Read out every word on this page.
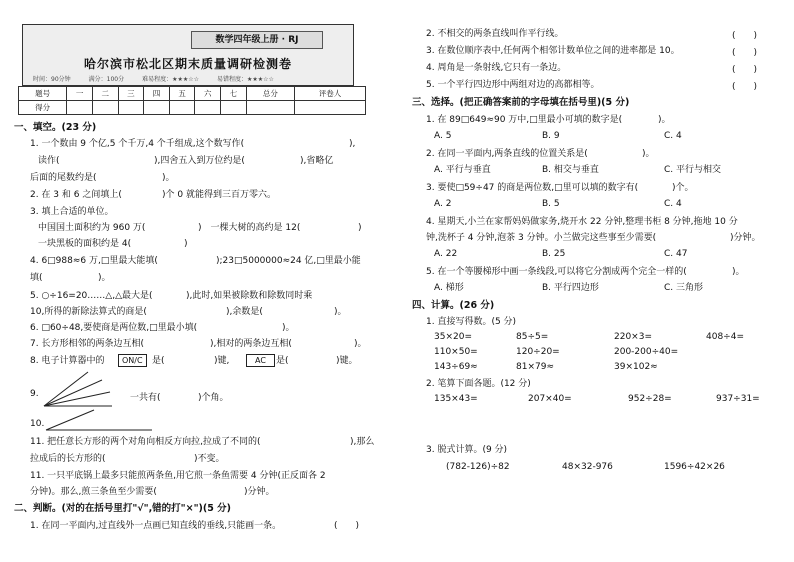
数学四年级上册 · RJ
哈尔滨市松北区期末质量调研检测卷
时间：90分钟　　　满分：100分　　　难易程度：★★★☆☆　　　易错程度：★★★☆☆
题号	一	二	三	四	五	六	七	总分	评卷人
得分									
一、填空。(23 分)
1. 一个数由 9 个亿,5 个千万,4 个千组成,这个数写作(	),
读作(	),四舍五入到万位约是(	),省略亿
后面的尾数约是(	)。
2. 在 3 和 6 之间填上(	)个 0 就能得到三百万零六。
3. 填上合适的单位。
中国国土面积约为 960 万(	)　一棵大树的高约是 12(	)
一块黑板的面积约是 4(	)
4. 6□988≈6 万,□里最大能填(	);23□5000000≈24 亿,□里最小能
填(	)。
5. ○÷16=20……△,△最大是(	),此时,如果被除数和除数同时乘
10,所得的新除法算式的商是(	),余数是(	)。
6. □60÷48,要使商是两位数,□里最小填(	)。
7. 长方形相邻的两条边互相(	),相对的两条边互相(	)。
8. 电子计算器中的	ON/C	是(	)键,	AC	是(	)键。
9.	一共有(	)个角。
10.
11. 把任意长方形的两个对角向相反方向拉,拉成了不同的(	),那么
拉成后的长方形的(	)不变。
11. 一只平底锅上最多只能煎两条鱼,用它煎一条鱼需要 4 分钟(正反面各 2
分钟)。那么,煎三条鱼至少需要(	)分钟。
二、判断。(对的在括号里打"√",错的打"×")(5 分)
1. 在同一平面内,过直线外一点画已知直线的垂线,只能画一条。	(　　)
2. 不相交的两条直线叫作平行线。	(　　)
3. 在数位顺序表中,任何两个相邻计数单位之间的进率都是 10。	(　　)
4. 周角是一条射线,它只有一条边。	(　　)
5. 一个平行四边形中两组对边的高都相等。	(　　)
三、选择。(把正确答案前的字母填在括号里)(5 分)
1. 在 89□649≈90 万中,□里最小可填的数字是(	)。
A. 5	B. 9	C. 4
2. 在同一平面内,两条直线的位置关系是(	)。
A. 平行与垂直	B. 相交与垂直	C. 平行与相交
3. 要使□59÷47 的商是两位数,□里可以填的数字有(	)个。
A. 2	B. 5	C. 4
4. 星期天,小兰在家帮妈妈做家务,烧开水 22 分钟,整理书柜 8 分钟,拖地 10 分
钟,洗杯子 4 分钟,泡茶 3 分钟。小兰做完这些事至少需要(	)分钟。
A. 22	B. 25	C. 47
5. 在一个等腰梯形中画一条线段,可以将它分割成两个完全一样的(	)。
A. 梯形	B. 平行四边形	C. 三角形
四、计算。(26 分)
1. 直接写得数。(5 分)
35×20=	85÷5=	220×3=	408÷4=
110×50=	120÷20=	200-200÷40=
143÷69≈	81×79≈	39×102≈
2. 笔算下面各题。(12 分)
135×43=	207×40=	952÷28=	937÷31=
3. 脱式计算。(9 分)
(782-126)÷82	48×32-976	1596÷42×26
